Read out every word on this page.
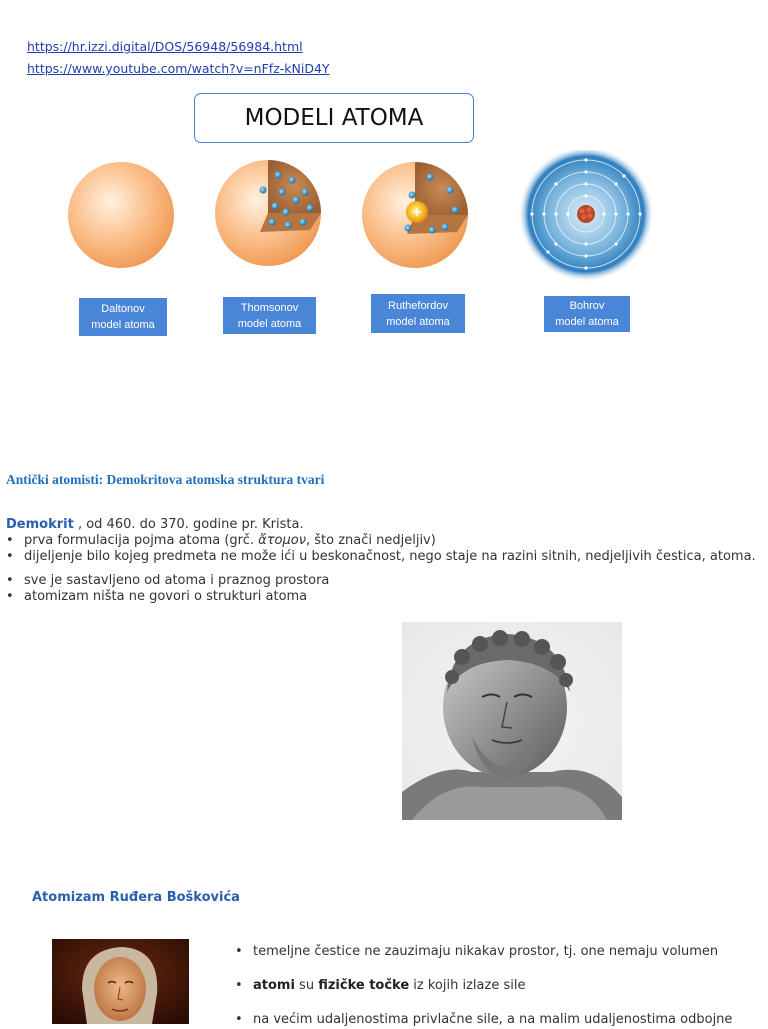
https://hr.izzi.digital/DOS/56948/56984.html
https://www.youtube.com/watch?v=nFfz-kNiD4Y
MODELI ATOMA
+
Daltonov
model atoma
Thomsonov
model atoma
Ruthefordov
model atoma
Bohrov
model atoma
Antički atomisti: Demokritova atomska struktura tvari
Demokrit , od 460. do 370. godine pr. Krista.
• prva formulacija pojma atoma (grč. ἄτομον, što znači nedjeljiv)
• dijeljenje bilo kojeg predmeta ne može ići u beskonačnost, nego staje na razini sitnih, nedjeljivih čestica, atoma.
• sve je sastavljeno od atoma i praznog prostora
• atomizam ništa ne govori o strukturi atoma
Atomizam Ruđera Boškovića
• temeljne čestice ne zauzimaju nikakav prostor, tj. one nemaju volumen
• atomi su fizičke točke iz kojih izlaze sile
• na većim udaljenostima privlačne sile, a na malim udaljenostima odbojne
